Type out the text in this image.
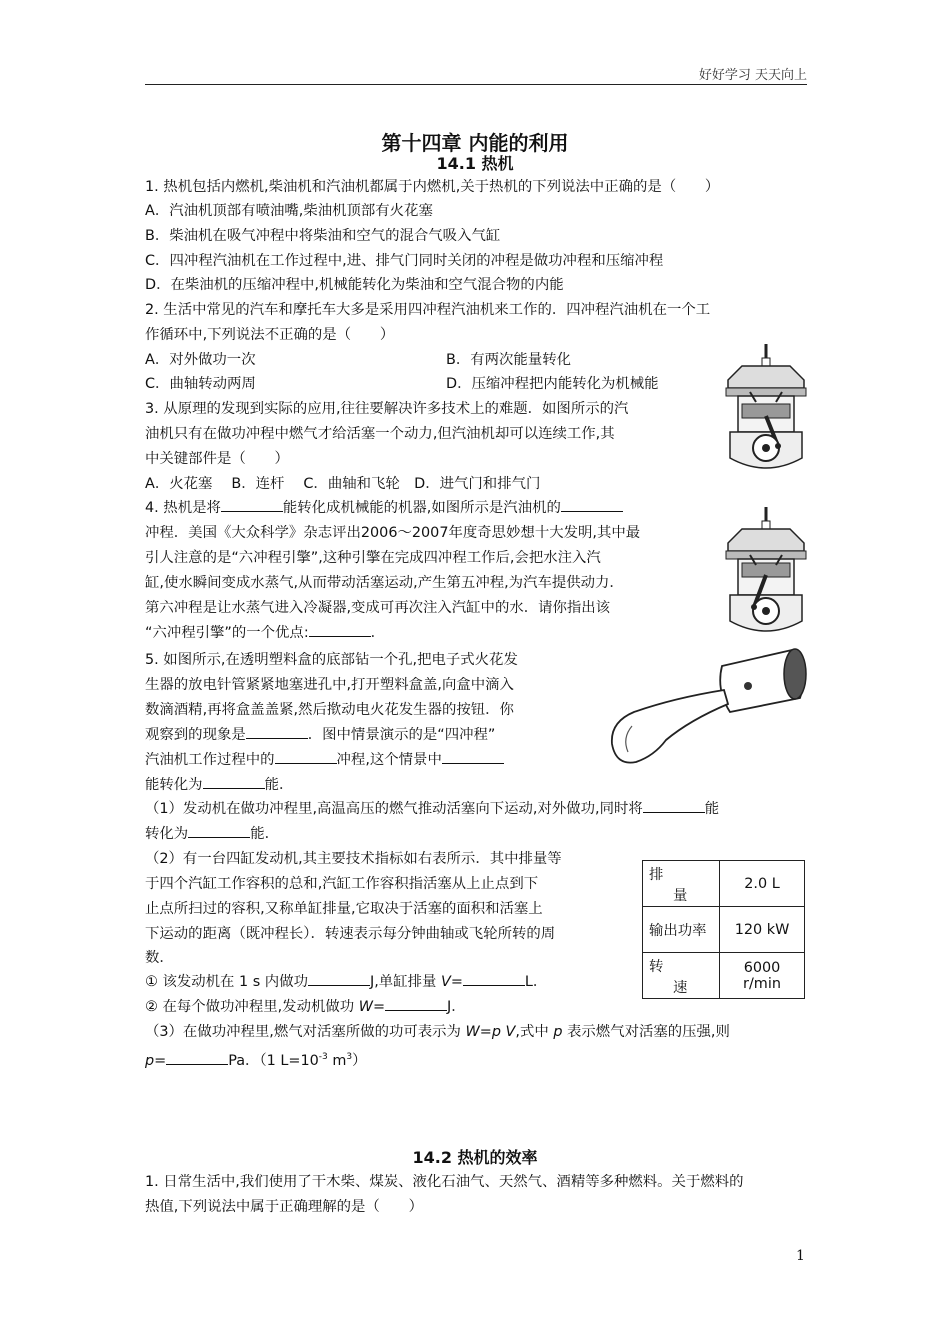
好好学习 天天向上
第十四章 内能的利用
14.1 热机
1. 热机包括内燃机,柴油机和汽油机都属于内燃机,关于热机的下列说法中正确的是（　　）
A．汽油机顶部有喷油嘴,柴油机顶部有火花塞
B．柴油机在吸气冲程中将柴油和空气的混合气吸入气缸
C．四冲程汽油机在工作过程中,进、排气门同时关闭的冲程是做功冲程和压缩冲程
D．在柴油机的压缩冲程中,机械能转化为柴油和空气混合物的内能
2. 生活中常见的汽车和摩托车大多是采用四冲程汽油机来工作的．四冲程汽油机在一个工
作循环中,下列说法不正确的是（　　）
A．对外做功一次	B．有两次能量转化
C．曲轴转动两周	D．压缩冲程把内能转化为机械能
3. 从原理的发现到实际的应用,往往要解决许多技术上的难题．如图所示的汽
油机只有在做功冲程中燃气才给活塞一个动力,但汽油机却可以连续工作,其
中关键部件是（　　）
A．火花塞　 B．连杆　 C．曲轴和飞轮　D．进气门和排气门
4. 热机是将	能转化成机械能的机器,如图所示是汽油机的
冲程．美国《大众科学》杂志评出2006～2007年度奇思妙想十大发明,其中最
引人注意的是“六冲程引擎”,这种引擎在完成四冲程工作后,会把水注入汽
缸,使水瞬间变成水蒸气,从而带动活塞运动,产生第五冲程,为汽车提供动力．
第六冲程是让水蒸气进入冷凝器,变成可再次注入汽缸中的水．请你指出该
“六冲程引擎”的一个优点:	．
5. 如图所示,在透明塑料盒的底部钻一个孔,把电子式火花发
生器的放电针管紧紧地塞进孔中,打开塑料盒盖,向盒中滴入
数滴酒精,再将盒盖盖紧,然后揿动电火花发生器的按钮．你
观察到的现象是	．图中情景演示的是“四冲程”
汽油机工作过程中的	冲程,这个情景中
能转化为	能．
（1）发动机在做功冲程里,高温高压的燃气推动活塞向下运动,对外做功,同时将	能
转化为	能．
（2）有一台四缸发动机,其主要技术指标如右表所示．其中排量等
于四个汽缸工作容积的总和,汽缸工作容积指活塞从上止点到下
止点所扫过的容积,又称单缸排量,它取决于活塞的面积和活塞上
下运动的距离（既冲程长）．转速表示每分钟曲轴或飞轮所转的周
数．
① 该发动机在 1 s 内做功	J,单缸排量 V=	L．
② 在每个做功冲程里,发动机做功 W=	J．
排
量	2.0 L
输出功率	120 kW

转
速	6000 r/min
（3）在做功冲程里,燃气对活塞所做的功可表示为 W=p V,式中 p 表示燃气对活塞的压强,则
p=	Pa．（1 $L=10^{-3}$ $m^3$）
14.2 热机的效率
1. 日常生活中,我们使用了干木柴、煤炭、液化石油气、天然气、酒精等多种燃料。关于燃料的
热值,下列说法中属于正确理解的是（　　）
1
